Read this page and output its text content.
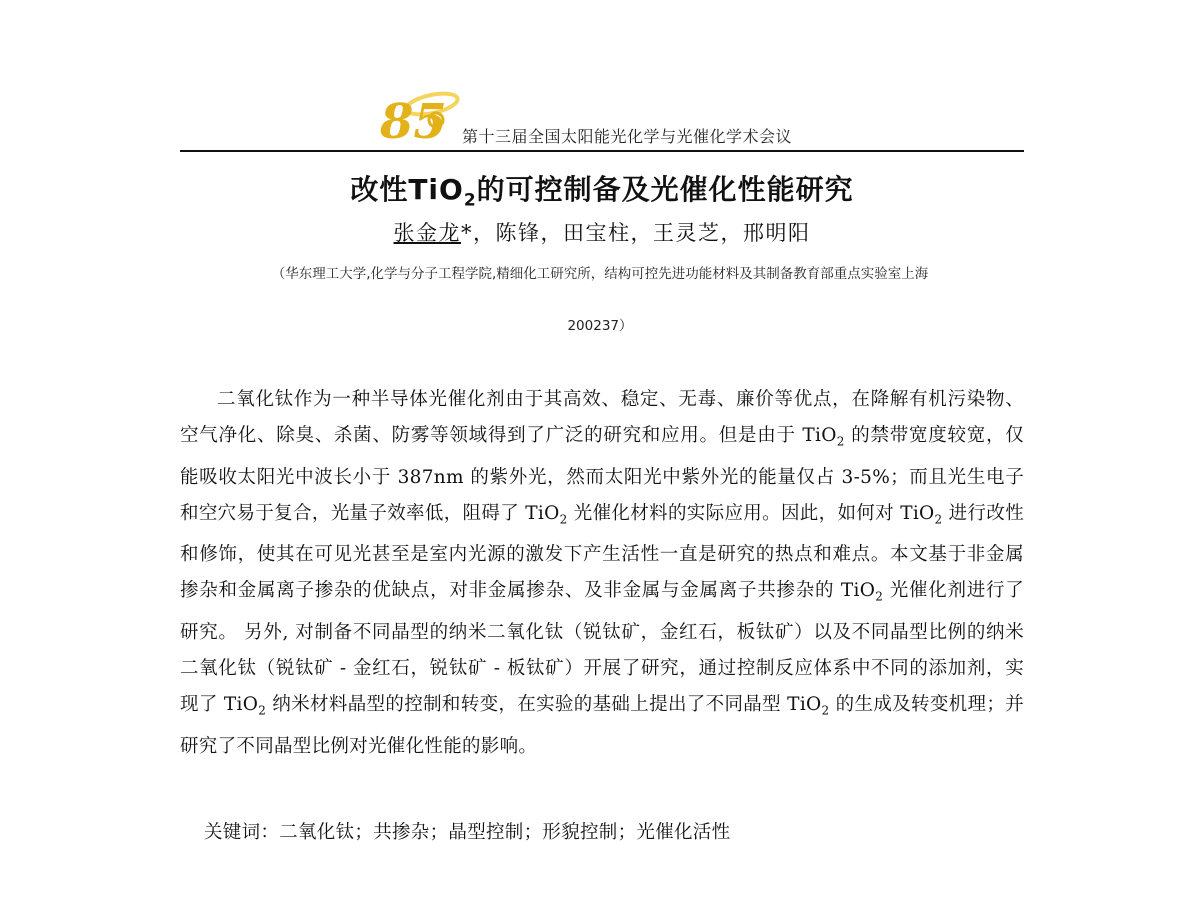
85 第十三届全国太阳能光化学与光催化学术会议
改性TiO$_2$的可控制备及光催化性能研究
张金龙*，陈锋，田宝柱，王灵芝，邢明阳
（华东理工大学,化学与分子工程学院,精细化工研究所，结构可控先进功能材料及其制备教育部重点实验室上海
200237）

二氧化钛作为一种半导体光催化剂由于其高效、稳定、无毒、廉价等优点，在降解有机污染物、空气净化、除臭、杀菌、防雾等领域得到了广泛的研究和应用。但是由于 TiO$_2$ 的禁带宽度较宽，仅能吸收太阳光中波长小于 387nm 的紫外光，然而太阳光中紫外光的能量仅占 3-5%；而且光生电子和空穴易于复合，光量子效率低，阻碍了 TiO$_2$ 光催化材料的实际应用。因此，如何对 TiO$_2$ 进行改性和修饰，使其在可见光甚至是室内光源的激发下产生活性一直是研究的热点和难点。本文基于非金属掺杂和金属离子掺杂的优缺点，对非金属掺杂、及非金属与金属离子共掺杂的 TiO$_2$ 光催化剂进行了研究。 另外, 对制备不同晶型的纳米二氧化钛（锐钛矿，金红石，板钛矿）以及不同晶型比例的纳米二氧化钛（锐钛矿 - 金红石，锐钛矿 - 板钛矿）开展了研究，通过控制反应体系中不同的添加剂，实现了 TiO$_2$ 纳米材料晶型的控制和转变，在实验的基础上提出了不同晶型 TiO$_2$ 的生成及转变机理；并研究了不同晶型比例对光催化性能的影响。

关键词：二氧化钛；共掺杂；晶型控制；形貌控制；光催化活性
